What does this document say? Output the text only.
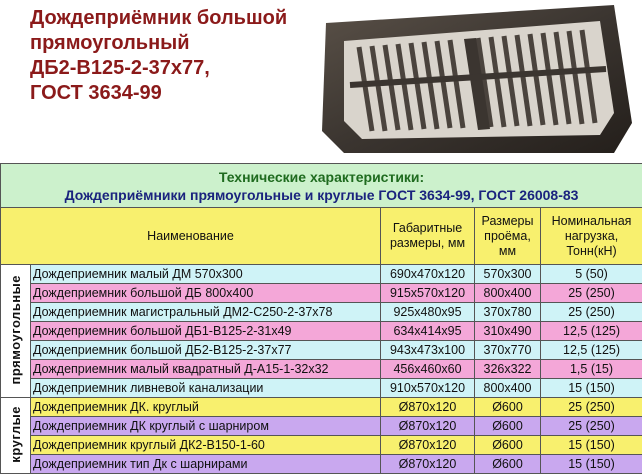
Дождеприёмник большой
прямоугольный
ДБ2-В125-2-37х77,
ГОСТ 3634-99
Технические характеристики:
Дождеприёмники прямоугольные и круглые ГОСТ 3634-99, ГОСТ 26008-83				

Наименование		Габаритные размеры, мм	Размеры проёма, мм	Номинальная нагрузка, Тонн(кН)
прямоугольные	Дождеприемник малый ДМ 570х300	690х470х120	570х300	5 (50)
	Дождеприемник большой ДБ 800х400	915х570х120	800х400	25 (250)
	Дождеприемник магистральный ДМ2-С250-2-37х78	925х480х95	370х780	25 (250)
	Дождеприемник большой ДБ1-В125-2-31х49	634х414х95	310х490	12,5 (125)
	Дождеприемник большой ДБ2-В125-2-37х77	943х473х100	370х770	12,5 (125)
	Дождеприемник малый квадратный Д-А15-1-32х32	456х460х60	326х322	1,5 (15)
	Дождеприемник ливневой канализации	910х570х120	800х400	15 (150)
круглые	Дождеприемник ДК. круглый	Ø870х120	Ø600	25 (250)
	Дождеприемник ДК круглый с шарниром	Ø870х120	Ø600	25 (250)
	Дождеприемник круглый ДК2-В150-1-60	Ø870х120	Ø600	15 (150)
	Дождеприемник тип Дк с шарнирами	Ø870х120	Ø600	15 (150)
